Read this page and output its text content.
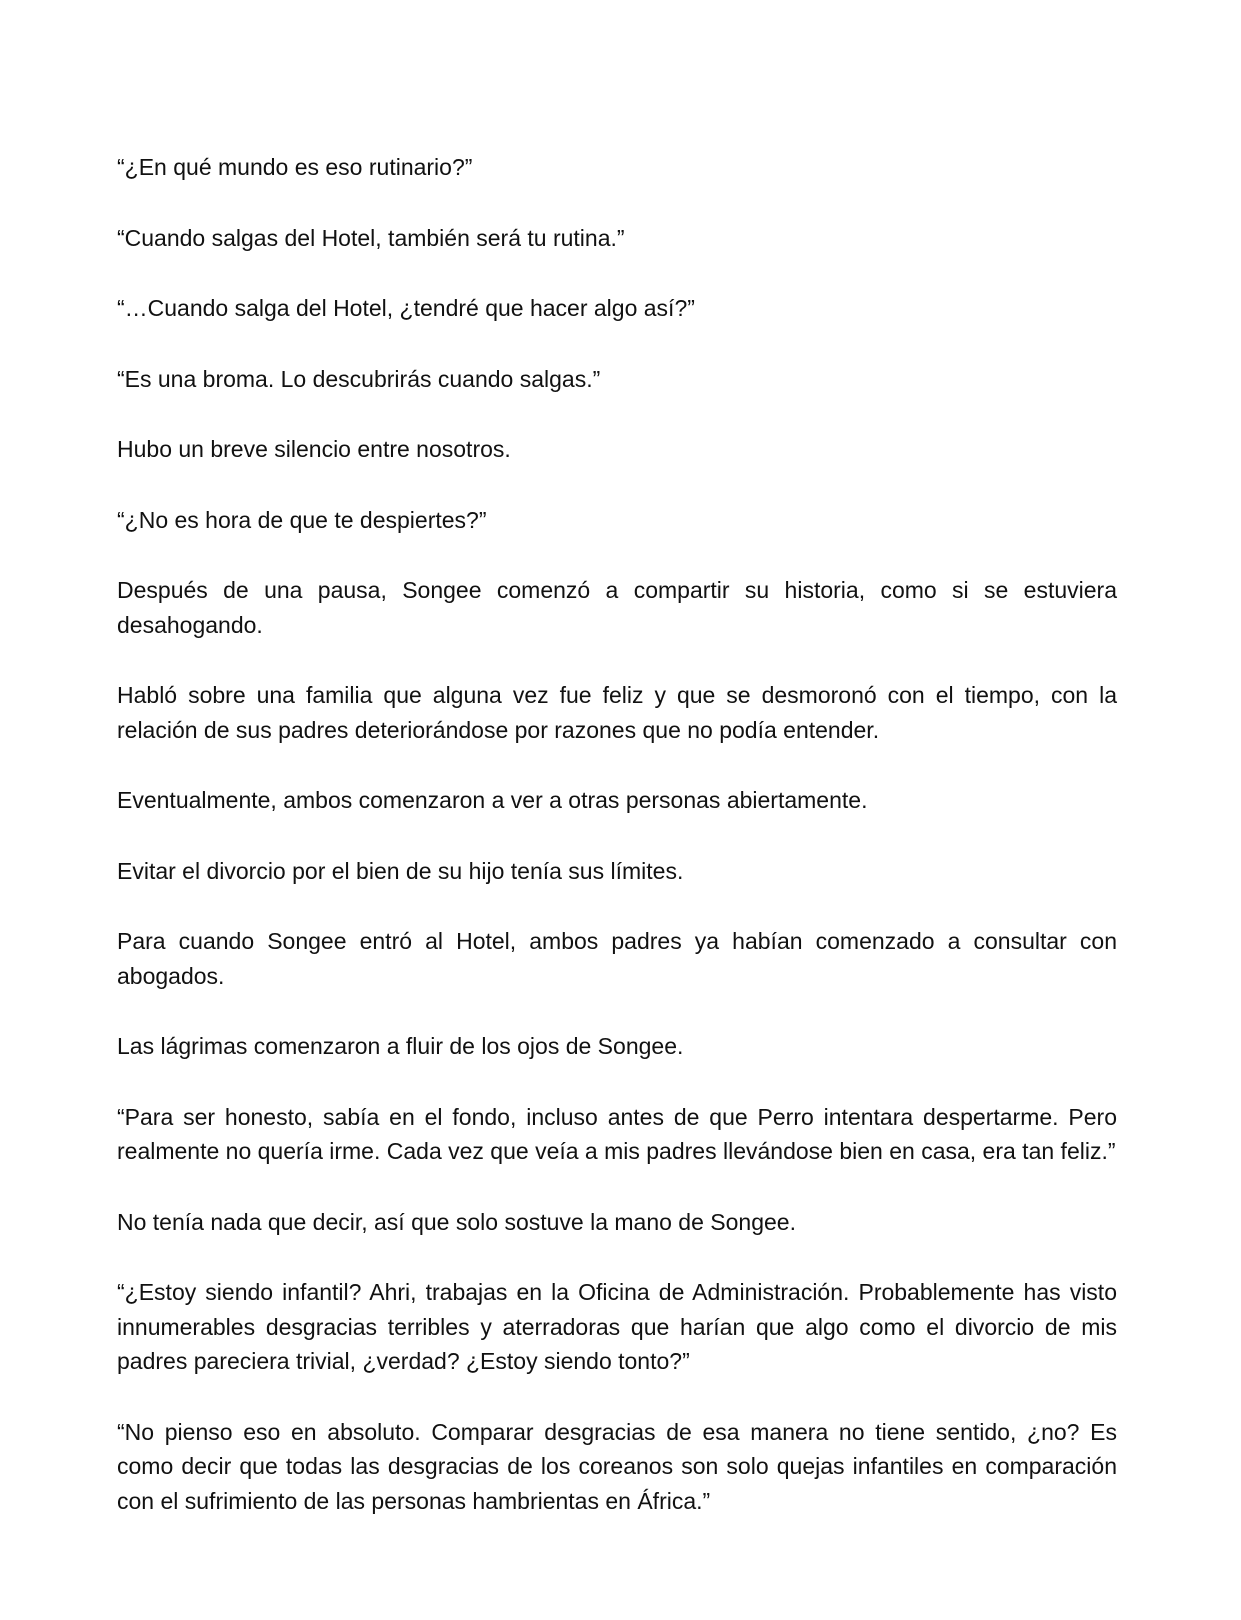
“¿En qué mundo es eso rutinario?”

“Cuando salgas del Hotel, también será tu rutina.”

“…Cuando salga del Hotel, ¿tendré que hacer algo así?”

“Es una broma. Lo descubrirás cuando salgas.”

Hubo un breve silencio entre nosotros.

“¿No es hora de que te despiertes?”

Después de una pausa, Songee comenzó a compartir su historia, como si se estuviera desahogando.

Habló sobre una familia que alguna vez fue feliz y que se desmoronó con el tiempo, con la relación de sus padres deteriorándose por razones que no podía entender.

Eventualmente, ambos comenzaron a ver a otras personas abiertamente.

Evitar el divorcio por el bien de su hijo tenía sus límites.

Para cuando Songee entró al Hotel, ambos padres ya habían comenzado a consultar con abogados.

Las lágrimas comenzaron a fluir de los ojos de Songee.

“Para ser honesto, sabía en el fondo, incluso antes de que Perro intentara despertarme. Pero realmente no quería irme. Cada vez que veía a mis padres llevándose bien en casa, era tan feliz.”

No tenía nada que decir, así que solo sostuve la mano de Songee.

“¿Estoy siendo infantil? Ahri, trabajas en la Oficina de Administración. Probablemente has visto innumerables desgracias terribles y aterradoras que harían que algo como el divorcio de mis padres pareciera trivial, ¿verdad? ¿Estoy siendo tonto?”

“No pienso eso en absoluto. Comparar desgracias de esa manera no tiene sentido, ¿no? Es como decir que todas las desgracias de los coreanos son solo quejas infantiles en comparación con el sufrimiento de las personas hambrientas en África.”
